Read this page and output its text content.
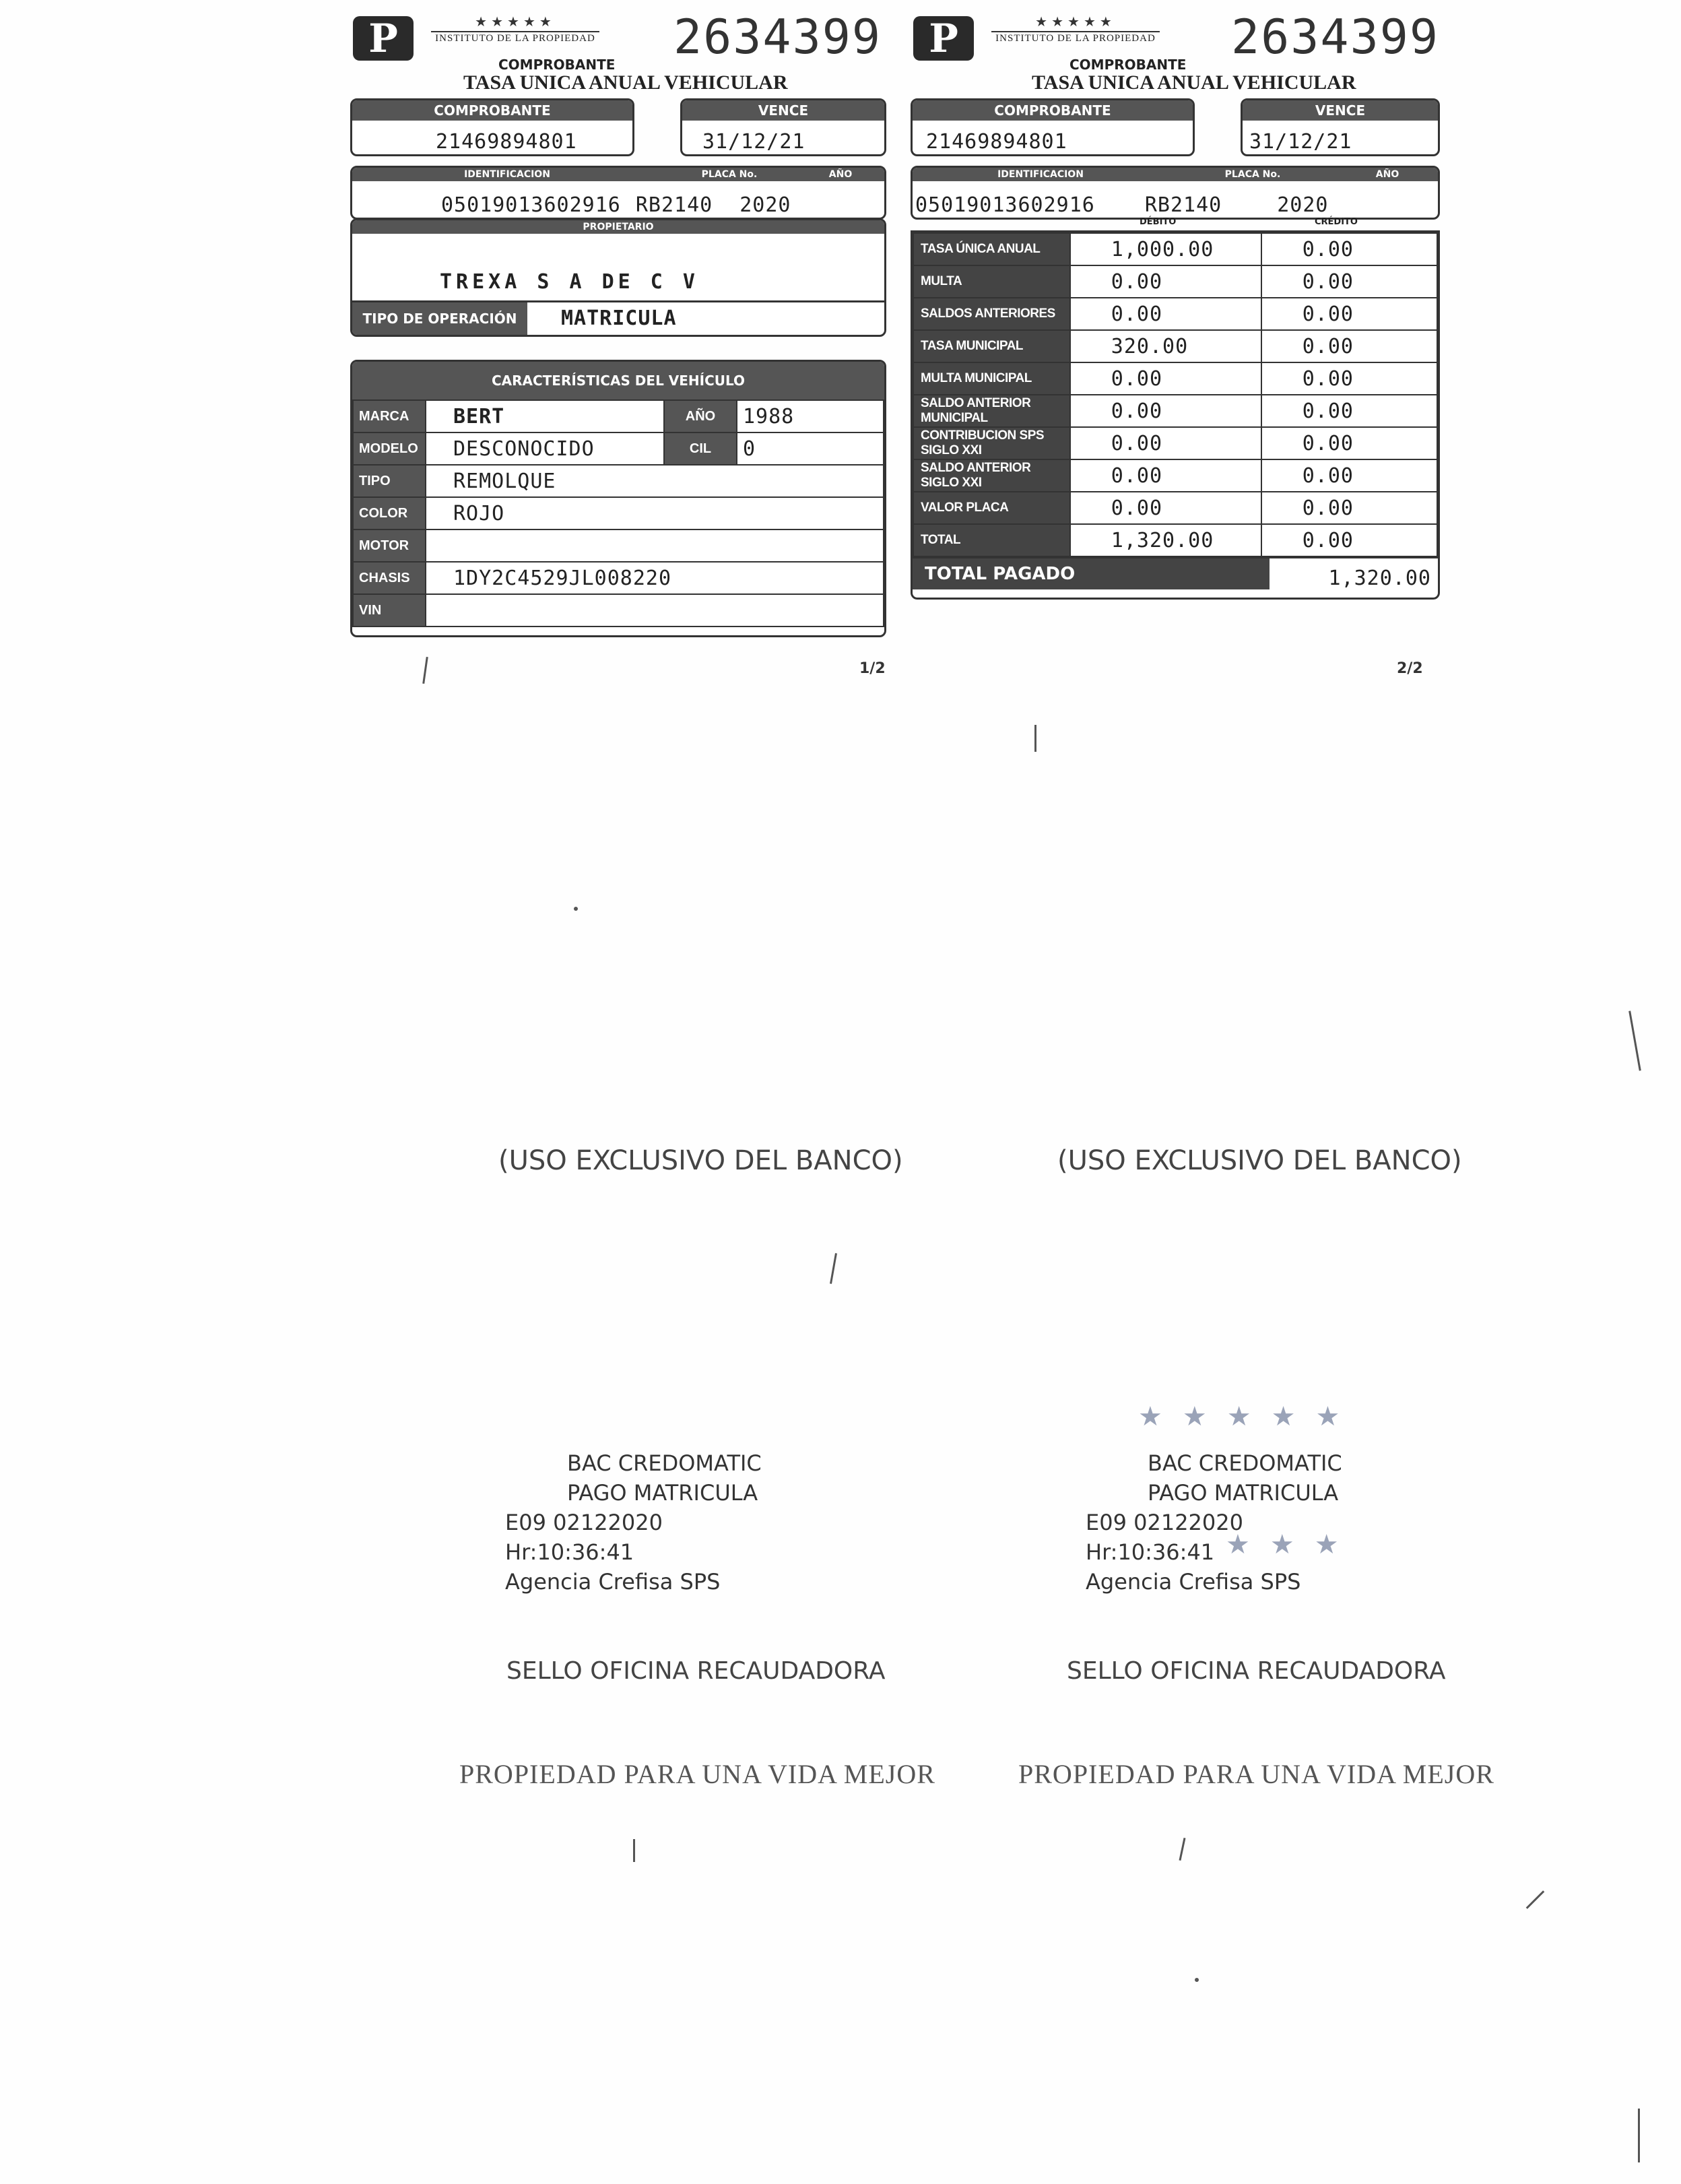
P	★★★★★
INSTITUTO DE LA PROPIEDAD 2634399
COMPROBANTE
TASA UNICA ANUAL VEHICULAR
COMPROBANTE
21469894801
VENCE
31/12/21
IDENTIFICACION	PLACA No.	AÑO
05019013602916 RB2140 2020
PROPIETARIO
TREXA S A DE C V
TIPO DE OPERACIÓN	MATRICULA
CARACTERÍSTICAS DEL VEHÍCULO
MARCA	BERT	AÑO	1988
MODELO	DESCONOCIDO	CIL	0
TIPO	REMOLQUE		
COLOR	ROJO		
MOTOR			
CHASIS	1DY2C4529JL008220		
VIN			
1/2
P	★★★★★
INSTITUTO DE LA PROPIEDAD 2634399
COMPROBANTE
TASA UNICA ANUAL VEHICULAR
COMPROBANTE
21469894801
VENCE
31/12/21
IDENTIFICACION	PLACA No.	AÑO
05019013602916 RB2140	2020
DÉBITO	CRÉDITO
TASA ÚNICA ANUAL	1,000.00	0.00
MULTA	0.00	0.00
SALDOS ANTERIORES	0.00	0.00
TASA MUNICIPAL	320.00	0.00
MULTA MUNICIPAL	0.00	0.00
SALDO ANTERIOR MUNICIPAL	0.00	0.00
CONTRIBUCION SPS SIGLO XXI	0.00	0.00
SALDO ANTERIOR SIGLO XXI	0.00	0.00
VALOR PLACA	0.00	0.00
TOTAL	1,320.00	0.00
TOTAL PAGADO	1,320.00
2/2
(USO EXCLUSIVO DEL BANCO)	(USO EXCLUSIVO DEL BANCO)
★★★★★
★★★
BAC CREDOMATIC
PAGO MATRICULA
E09 02122020
Hr:10:36:41
Agencia Crefisa SPS
BAC CREDOMATIC
PAGO MATRICULA
E09 02122020
Hr:10:36:41
Agencia Crefisa SPS
SELLO OFICINA RECAUDADORA	SELLO OFICINA RECAUDADORA
PROPIEDAD PARA UNA VIDA MEJOR	PROPIEDAD PARA UNA VIDA MEJOR
